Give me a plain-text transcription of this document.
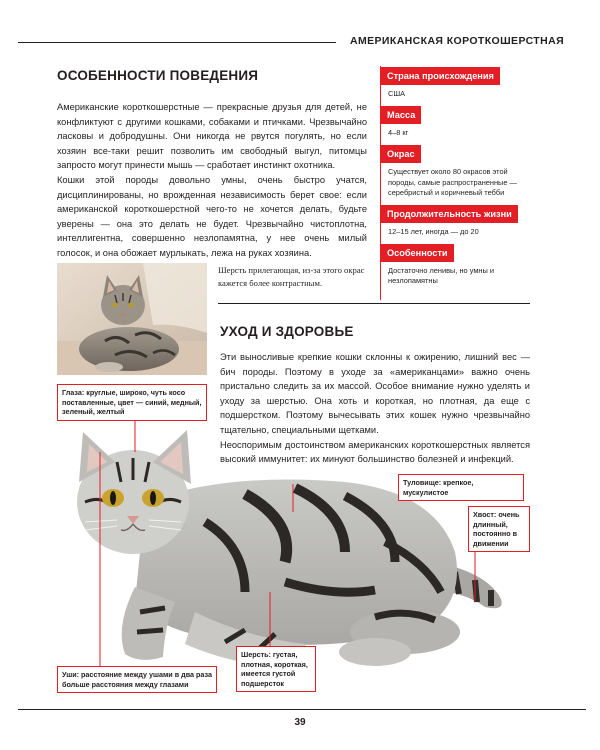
АМЕРИКАНСКАЯ КОРОТКОШЕРСТНАЯ
ОСОБЕННОСТИ ПОВЕДЕНИЯ

Американские короткошерстные — прекрасные друзья для детей, не конфликтуют с другими кошками, собаками и птичками. Чрезвычайно ласковы и добродушны. Они никогда не рвутся погулять, но если хозяин все-таки решит позволить им свободный выгул, питомцы запросто могут принести мышь — сработает инстинкт охотника.

Кошки этой породы довольно умны, очень быстро учатся, дисциплинированы, но врожденная независимость берет свое: если американской короткошерстной чего-то не хочется делать, будьте уверены — она это делать не будет. Чрезвычайно чистоплотна, интеллигентна, совершенно незлопамятна, у нее очень милый голосок, и она обожает мурлыкать, лежа на руках хозяина.

Страна происхождения
США
Масса
4–8 кг
Окрас
Существует около 80 окрасов этой породы, самые распространенные — серебристый и коричневый тебби
Продолжительность жизни
12–15 лет, иногда — до 20
Особенности
Достаточно ленивы, но умны и незлопамятны
Шерсть прилегающая, из-за этого окрас кажется более контрастным.
УХОД И ЗДОРОВЬЕ

Эти выносливые крепкие кошки склонны к ожирению, лишний вес — бич породы. Поэтому в уходе за «американцами» важно очень пристально следить за их массой. Особое внимание нужно уделять и уходу за шерстью. Она хоть и короткая, но плотная, да еще с подшерстком. Поэтому вычесывать этих кошек нужно чрезвычайно тщательно, специальными щетками.

Неоспоримым достоинством американских короткошерстных является высокий иммунитет: их минуют большинство болезней и инфекций.

Глаза: круглые, широко, чуть косо поставленные, цвет — синий, медный, зеленый, желтый
Туловище: крепкое, мускулистое
Хвост: очень длинный, постоянно в движении
Шерсть: густая, плотная, короткая, имеется густой подшерсток
Уши: расстояние между ушами в два раза больше расстояния между глазами
39
